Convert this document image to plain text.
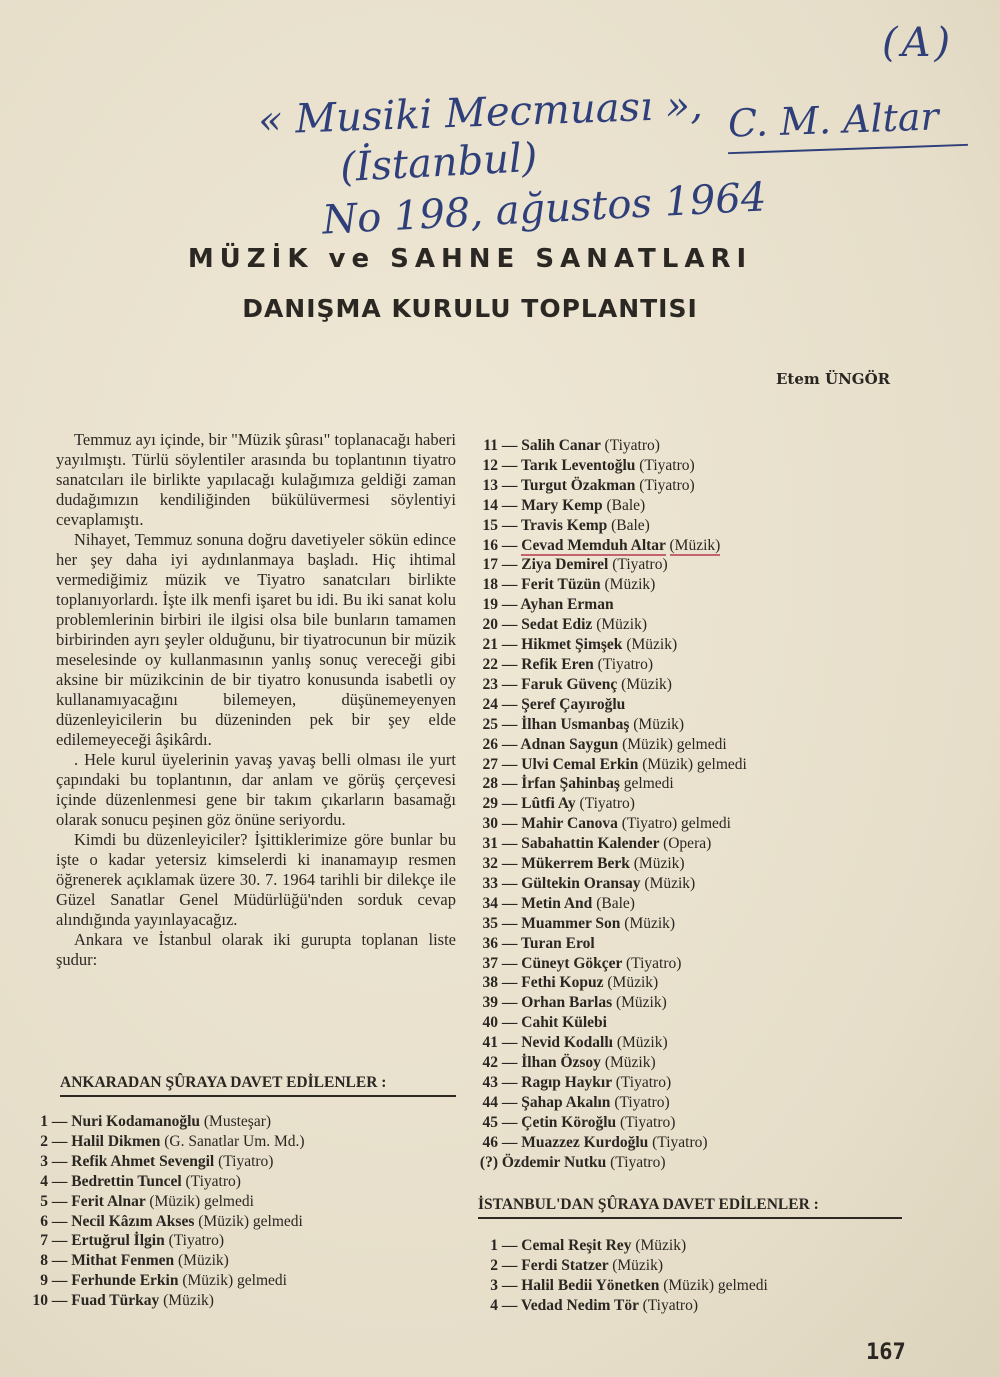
(A)
« Musiki Mecmuası », C. M. Altar
(İstanbul)
No 198, ağustos 1964
MÜZİK ve SAHNE SANATLARI
DANIŞMA KURULU TOPLANTISI
Etem ÜNGÖR

Temmuz ayı içinde, bir "Müzik şûrası" toplanacağı haberi yayılmıştı. Türlü söylentiler arasında bu toplantının tiyatro sanatcıları ile birlikte yapılacağı kulağımıza geldiği zaman dudağımızın kendiliğinden bükülüvermesi söylentiyi cevaplamıştı.

Nihayet, Temmuz sonuna doğru davetiyeler sökün edince her şey daha iyi aydınlanmaya başladı. Hiç ihtimal vermediğimiz müzik ve Tiyatro sanatcıları birlikte toplanıyorlardı. İşte ilk menfi işaret bu idi. Bu iki sanat kolu problemlerinin birbiri ile ilgisi olsa bile bunların tamamen birbirinden ayrı şeyler olduğunu, bir tiyatrocunun bir müzik meselesinde oy kullanmasının yanlış sonuç vereceği gibi aksine bir müzikcinin de bir tiyatro konusunda isabetli oy kullanamıyacağını bilemeyen, düşünemeyenyen düzenleyicilerin bu düzeninden pek bir şey elde edilemeyeceği âşikârdı.

. Hele kurul üyelerinin yavaş yavaş belli olması ile yurt çapındaki bu toplantının, dar anlam ve görüş çerçevesi içinde düzenlenmesi gene bir takım çıkarların basamağı olarak sonucu peşinen göz önüne seriyordu.

Kimdi bu düzenleyiciler? İşittiklerimize göre bunlar bu işte o kadar yetersiz kimselerdi ki inanamayıp resmen öğrenerek açıklamak üzere 30. 7. 1964 tarihli bir dilekçe ile Güzel Sanatlar Genel Müdürlüğü'nden sorduk cevap alındığında yayınlayacağız.

Ankara ve İstanbul olarak iki gurupta toplanan liste şudur:

ANKARADAN ŞÛRAYA DAVET EDİLENLER :
1 — Nuri Kodamanoğlu (Musteşar)
2 — Halil Dikmen (G. Sanatlar Um. Md.)
3 — Refik Ahmet Sevengil (Tiyatro)
4 — Bedrettin Tuncel (Tiyatro)
5 — Ferit Alnar (Müzik) gelmedi
6 — Necil Kâzım Akses (Müzik) gelmedi
7 — Ertuğrul İlgin (Tiyatro)
8 — Mithat Fenmen (Müzik)
9 — Ferhunde Erkin (Müzik) gelmedi
10 — Fuad Türkay (Müzik)
11 — Salih Canar (Tiyatro)
12 — Tarık Leventoğlu (Tiyatro)
13 — Turgut Özakman (Tiyatro)
14 — Mary Kemp (Bale)
15 — Travis Kemp (Bale)
16 — Cevad Memduh Altar (Müzik)
17 — Ziya Demirel (Tiyatro)
18 — Ferit Tüzün (Müzik)
19 — Ayhan Erman
20 — Sedat Ediz (Müzik)
21 — Hikmet Şimşek (Müzik)
22 — Refik Eren (Tiyatro)
23 — Faruk Güvenç (Müzik)
24 — Şeref Çayıroğlu
25 — İlhan Usmanbaş (Müzik)
26 — Adnan Saygun (Müzik) gelmedi
27 — Ulvi Cemal Erkin (Müzik) gelmedi
28 — İrfan Şahinbaş gelmedi
29 — Lûtfi Ay (Tiyatro)
30 — Mahir Canova (Tiyatro) gelmedi
31 — Sabahattin Kalender (Opera)
32 — Mükerrem Berk (Müzik)
33 — Gültekin Oransay (Müzik)
34 — Metin And (Bale)
35 — Muammer Son (Müzik)
36 — Turan Erol
37 — Cüneyt Gökçer (Tiyatro)
38 — Fethi Kopuz (Müzik)
39 — Orhan Barlas (Müzik)
40 — Cahit Külebi
41 — Nevid Kodallı (Müzik)
42 — İlhan Özsoy (Müzik)
43 — Ragıp Haykır (Tiyatro)
44 — Şahap Akalın (Tiyatro)
45 — Çetin Köroğlu (Tiyatro)
46 — Muazzez Kurdoğlu (Tiyatro)
(?) Özdemir Nutku (Tiyatro)
İSTANBUL'DAN ŞÛRAYA DAVET EDİLENLER :
1 — Cemal Reşit Rey (Müzik)
2 — Ferdi Statzer (Müzik)
3 — Halil Bedii Yönetken (Müzik) gelmedi
4 — Vedad Nedim Tör (Tiyatro)
167
